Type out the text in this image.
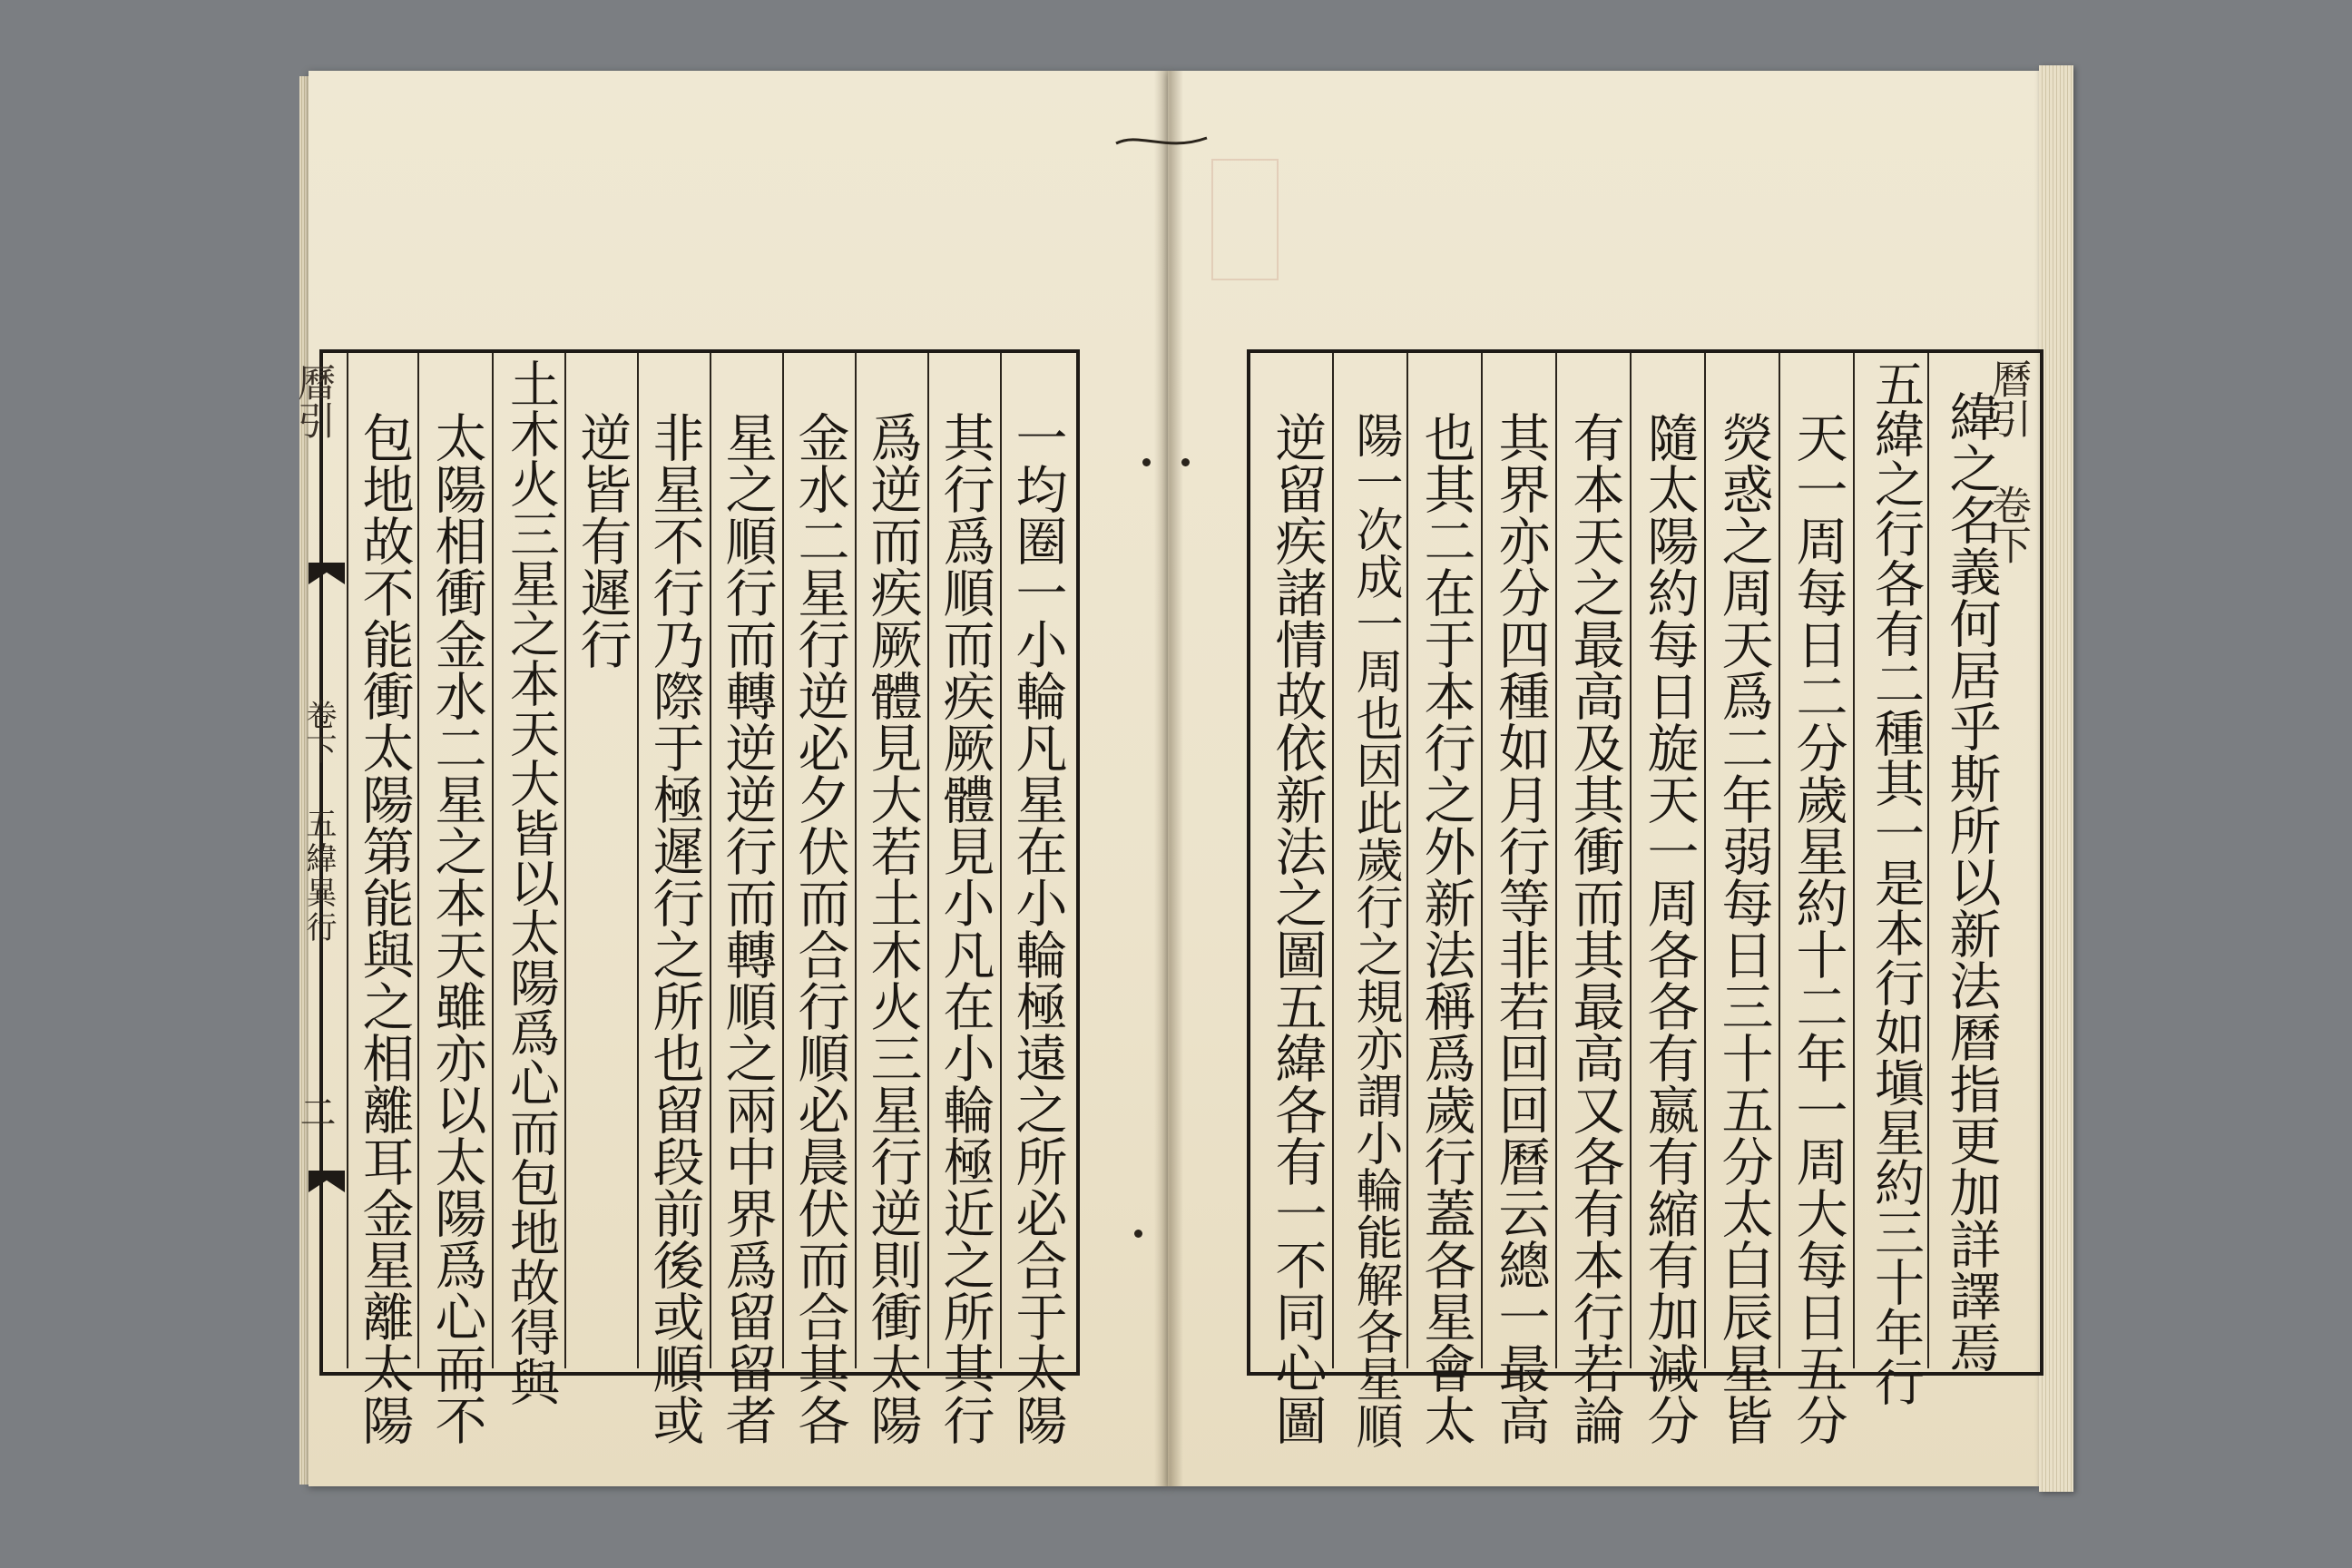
曆引
卷下 五緯異行
二	一均圈一小輪凡星在小輪極遠之所必合于太陽
其行爲順而疾厥體見小凡在小輪極近之所其行
爲逆而疾厥體見大若土木火三星行逆則衝太陽
金水二星行逆必夕伏而合行順必晨伏而合其各
星之順行而轉逆逆行而轉順之兩中界爲留留者
非星不行乃際于極遲行之所也留段前後或順或
逆皆有遲行
土木火三星之本天大皆以太陽爲心而包地故得與
太陽相衝金水二星之本天雖亦以太陽爲心而不
包地故不能衝太陽第能與之相離耳金星離太陽	曆引 卷下
緯之名義何居乎斯所以新法曆指更加詳譯焉
五緯之行各有二種其一是本行如塡星約三十年行
天一周每日二分歲星約十二年一周大每日五分
熒惑之周天爲二年弱每日三十五分太白辰星皆
隨太陽約每日旋天一周各各有嬴有縮有加減分
有本天之最高及其衝而其最高又各有本行若論
其界亦分四種如月行等非若回回曆云總一最高
也其二在于本行之外新法稱爲歲行蓋各星會太
陽一次成一周也因此歲行之規亦謂小輪能解各星順
逆留疾諸情故依新法之圖五緯各有一不同心圖
